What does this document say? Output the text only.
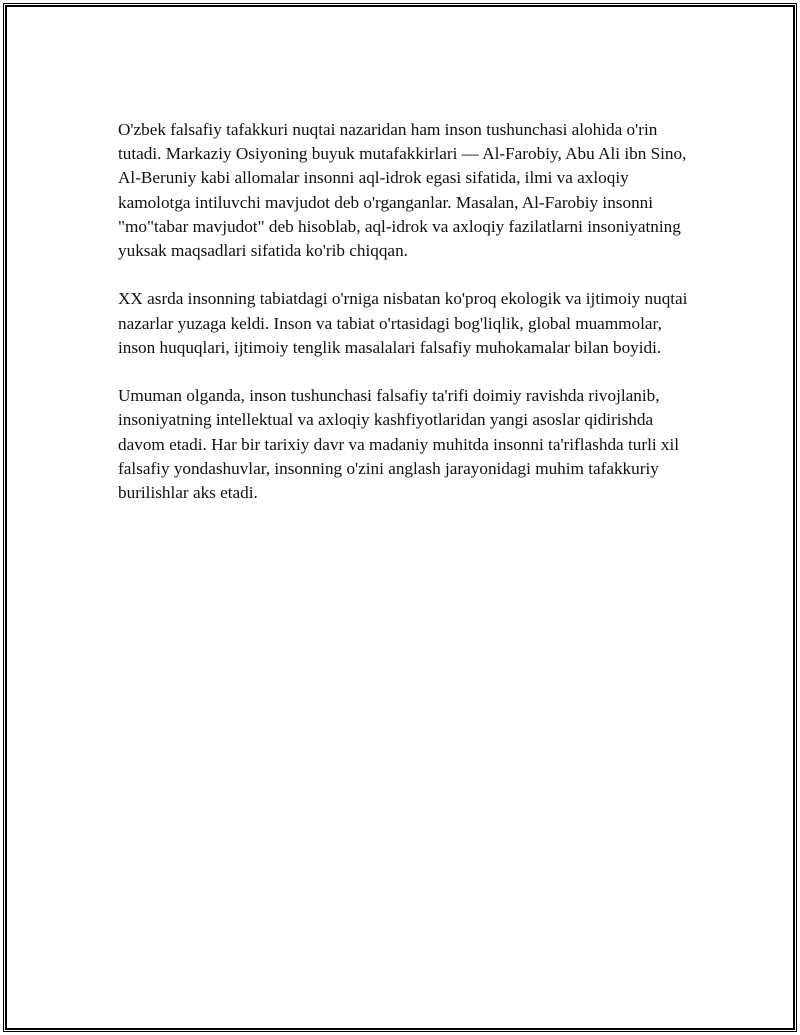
O'zbek falsafiy tafakkuri nuqtai nazaridan ham inson tushunchasi alohida o'rin tutadi. Markaziy Osiyoning buyuk mutafakkirlari — Al-Farobiy, Abu Ali ibn Sino, Al-Beruniy kabi allomalar insonni aql-idrok egasi sifatida, ilmi va axloqiy kamolotga intiluvchi mavjudot deb o'rganganlar. Masalan, Al-Farobiy insonni "mo"tabar mavjudot" deb hisoblab, aql-idrok va axloqiy fazilatlarni insoniyatning yuksak maqsadlari sifatida ko'rib chiqqan.

XX asrda insonning tabiatdagi o'rniga nisbatan ko'proq ekologik va ijtimoiy nuqtai nazarlar yuzaga keldi. Inson va tabiat o'rtasidagi bog'liqlik, global muammolar, inson huquqlari, ijtimoiy tenglik masalalari falsafiy muhokamalar bilan boyidi.

Umuman olganda, inson tushunchasi falsafiy ta'rifi doimiy ravishda rivojlanib, insoniyatning intellektual va axloqiy kashfiyotlaridan yangi asoslar qidirishda davom etadi. Har bir tarixiy davr va madaniy muhitda insonni ta'riflashda turli xil falsafiy yondashuvlar, insonning o'zini anglash jarayonidagi muhim tafakkuriy burilishlar aks etadi.
